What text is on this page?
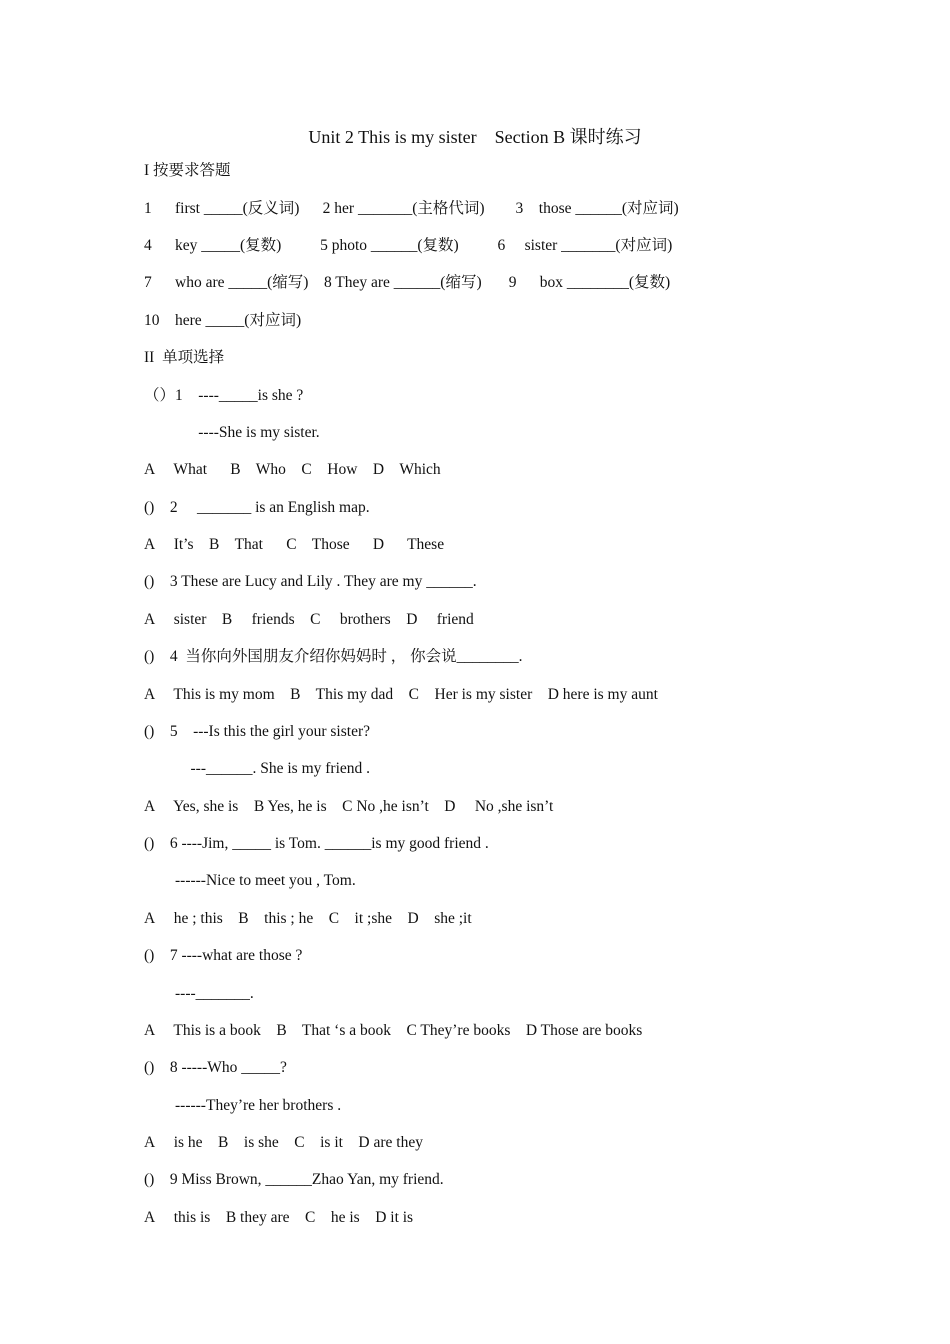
Unit 2 This is my sister    Section B 课时练习
I 按要求答题
1      first _____(反义词)      2 her _______(主格代词)        3    those ______(对应词)
4      key _____(复数)          5 photo ______(复数)          6     sister _______(对应词)
7      who are _____(缩写)    8 They are ______(缩写)       9      box ________(复数)
10    here _____(对应词)
II  单项选择
（）1    ----_____is she ?
----She is my sister.
A     What      B    Who    C    How    D    Which
()    2     _______ is an English map.
A     It’s    B    That      C    Those      D      These
()    3 These are Lucy and Lily . They are my ______.
A     sister    B     friends    C     brothers    D     friend
()    4  当你向外国朋友介绍你妈妈时 ， 你会说________.
A     This is my mom    B    This my dad    C    Her is my sister    D here is my aunt
()    5    ---Is this the girl your sister?
---______. She is my friend .
A     Yes, she is    B Yes, he is    C No ,he isn’t    D     No ,she isn’t
()    6 ----Jim, _____ is Tom. ______is my good friend .
------Nice to meet you , Tom.
A     he ; this    B    this ; he    C    it ;she    D    she ;it
()    7 ----what are those ?
----_______.
A     This is a book    B    That ‘s a book    C They’re books    D Those are books
()    8 -----Who _____?
------They’re her brothers .
A     is he    B    is she    C    is it    D are they
()    9 Miss Brown, ______Zhao Yan, my friend.
A     this is    B they are    C    he is    D it is
